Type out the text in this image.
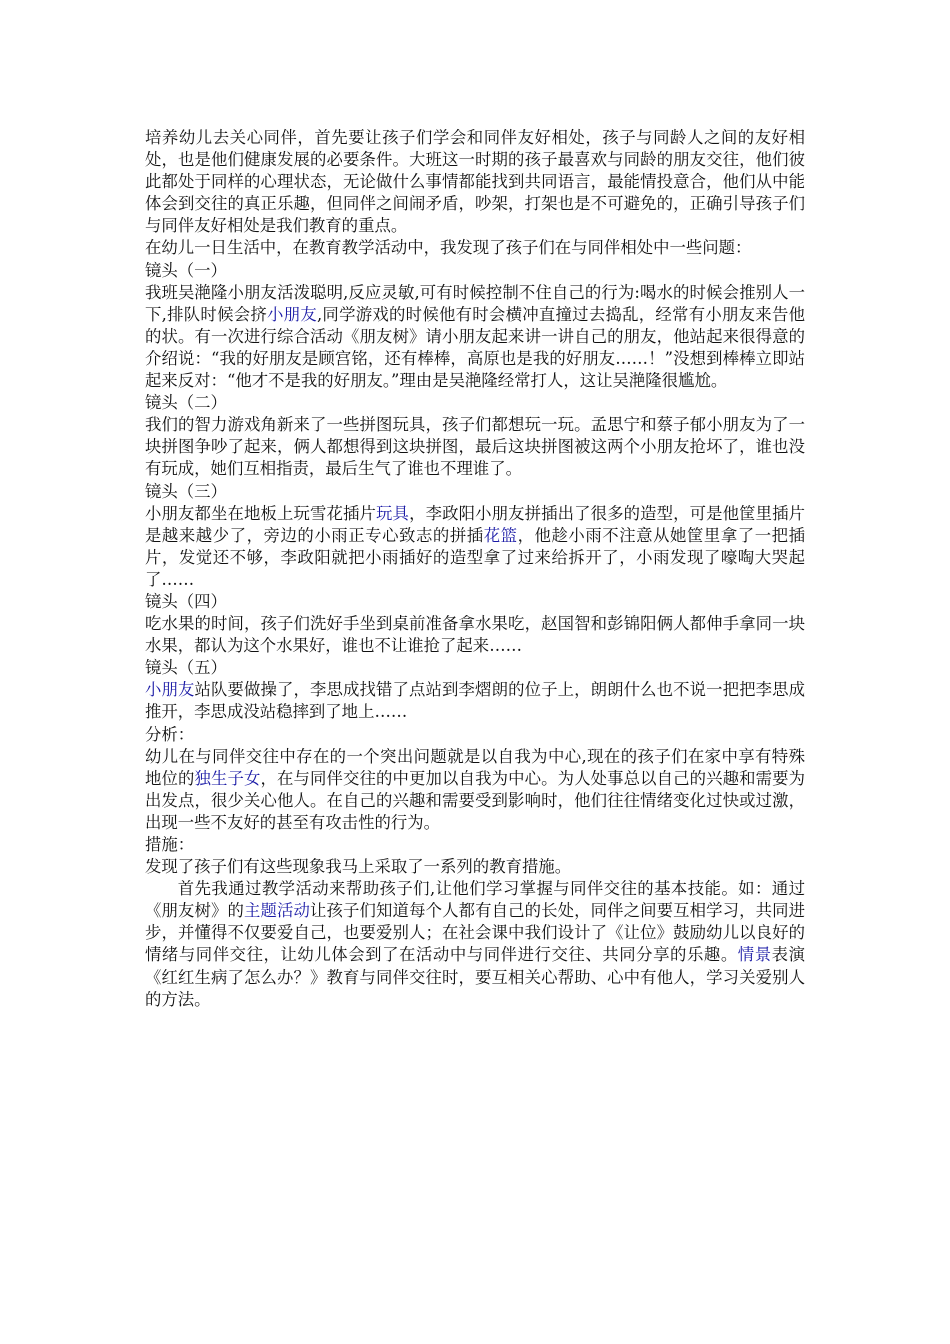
培养幼儿去关心同伴，首先要让孩子们学会和同伴友好相处，孩子与同龄人之间的友好相处，也是他们健康发展的必要条件。大班这一时期的孩子最喜欢与同龄的朋友交往，他们彼此都处于同样的心理状态，无论做什么事情都能找到共同语言，最能情投意合，他们从中能体会到交往的真正乐趣，但同伴之间闹矛盾，吵架，打架也是不可避免的，正确引导孩子们与同伴友好相处是我们教育的重点。

在幼儿一日生活中，在教育教学活动中，我发现了孩子们在与同伴相处中一些问题：

镜头（一）

我班吴滟隆小朋友活泼聪明,反应灵敏,可有时候控制不住自己的行为:喝水的时候会推别人一下,排队时候会挤小朋友,同学游戏的时候他有时会横冲直撞过去捣乱，经常有小朋友来告他的状。有一次进行综合活动《朋友树》请小朋友起来讲一讲自己的朋友，他站起来很得意的介绍说：“我的好朋友是顾宫铭，还有棒棒，高原也是我的好朋友……！”没想到棒棒立即站起来反对：“他才不是我的好朋友。”理由是吴滟隆经常打人，这让吴滟隆很尴尬。

镜头（二）

我们的智力游戏角新来了一些拼图玩具，孩子们都想玩一玩。孟思宁和蔡子郁小朋友为了一块拼图争吵了起来，俩人都想得到这块拼图，最后这块拼图被这两个小朋友抢坏了，谁也没有玩成，她们互相指责，最后生气了谁也不理谁了。

镜头（三）

小朋友都坐在地板上玩雪花插片玩具，李政阳小朋友拼插出了很多的造型，可是他筐里插片是越来越少了，旁边的小雨正专心致志的拼插花篮，他趁小雨不注意从她筐里拿了一把插片，发觉还不够，李政阳就把小雨插好的造型拿了过来给拆开了，小雨发现了嚎啕大哭起了……

镜头（四）

吃水果的时间，孩子们洗好手坐到桌前准备拿水果吃，赵国智和彭锦阳俩人都伸手拿同一块水果，都认为这个水果好，谁也不让谁抢了起来……

镜头（五）

小朋友站队要做操了，李思成找错了点站到李熠朗的位子上，朗朗什么也不说一把把李思成推开，李思成没站稳摔到了地上……

分析：

幼儿在与同伴交往中存在的一个突出问题就是以自我为中心,现在的孩子们在家中享有特殊地位的独生子女，在与同伴交往的中更加以自我为中心。为人处事总以自己的兴趣和需要为出发点，很少关心他人。在自己的兴趣和需要受到影响时，他们往往情绪变化过快或过激，出现一些不友好的甚至有攻击性的行为。

措施：

发现了孩子们有这些现象我马上采取了一系列的教育措施。

首先我通过教学活动来帮助孩子们,让他们学习掌握与同伴交往的基本技能。如：通过《朋友树》的主题活动让孩子们知道每个人都有自己的长处，同伴之间要互相学习，共同进步，并懂得不仅要爱自己，也要爱别人；在社会课中我们设计了《让位》鼓励幼儿以良好的情绪与同伴交往，让幼儿体会到了在活动中与同伴进行交往、共同分享的乐趣。情景表演《红红生病了怎么办？》教育与同伴交往时，要互相关心帮助、心中有他人，学习关爱别人的方法。
